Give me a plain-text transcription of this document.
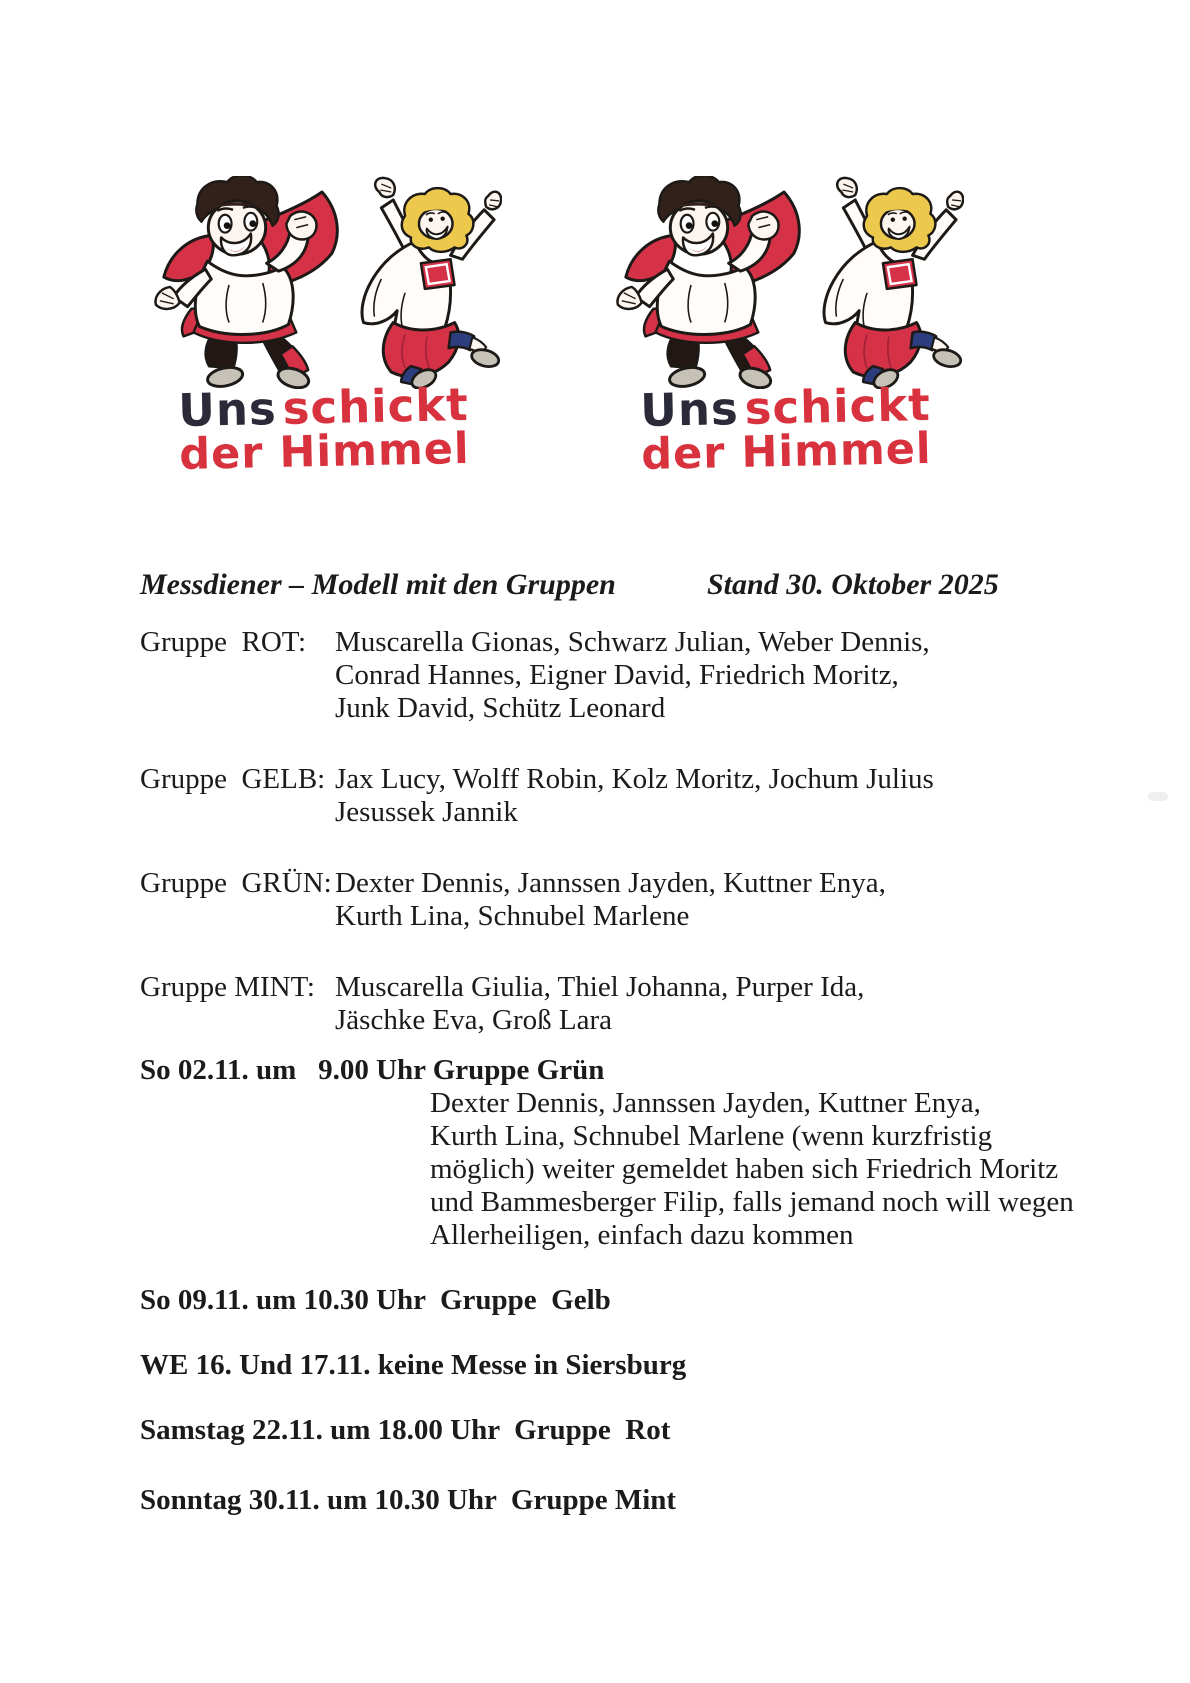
Uns schickt
der Himmel
Uns schickt
der Himmel
Messdiener – Modell mit den Gruppen	Stand 30. Oktober 2025
Gruppe  ROT: Muscarella Gionas, Schwarz Julian, Weber Dennis,
Conrad Hannes, Eigner David, Friedrich Moritz,
Junk David, Schütz Leonard
Gruppe  GELB: Jax Lucy, Wolff Robin, Kolz Moritz, Jochum Julius
Jesussek Jannik
Gruppe  GRÜN: Dexter Dennis, Jannssen Jayden, Kuttner Enya,
Kurth Lina, Schnubel Marlene
Gruppe MINT: Muscarella Giulia, Thiel Johanna, Purper Ida,
Jäschke Eva, Groß Lara
So 02.11. um   9.00 Uhr Gruppe Grün
Dexter Dennis, Jannssen Jayden, Kuttner Enya,
Kurth Lina, Schnubel Marlene (wenn kurzfristig
möglich) weiter gemeldet haben sich Friedrich Moritz
und Bammesberger Filip, falls jemand noch will wegen
Allerheiligen, einfach dazu kommen
So 09.11. um 10.30 Uhr  Gruppe  Gelb
WE 16. Und 17.11. keine Messe in Siersburg
Samstag 22.11. um 18.00 Uhr  Gruppe  Rot
Sonntag 30.11. um 10.30 Uhr  Gruppe Mint
